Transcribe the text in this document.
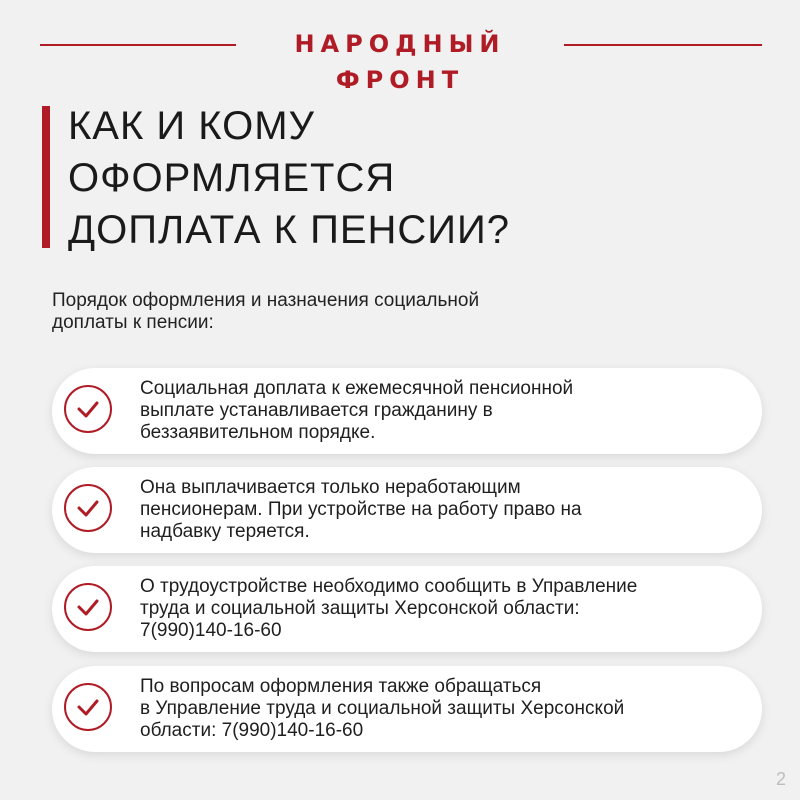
НАРОДНЫЙ ФРОНТ
КАК И КОМУ
ОФОРМЛЯЕТСЯ
ДОПЛАТА К ПЕНСИИ?
Порядок оформления и назначения социальной
доплаты к пенсии:
Социальная доплата к ежемесячной пенсионной
выплате устанавливается гражданину в
беззаявительном порядке.
Она выплачивается только неработающим
пенсионерам. При устройстве на работу право на
надбавку теряется.
О трудоустройстве необходимо сообщить в Управление
труда и социальной защиты Херсонской области:
7(990)140-16-60
По вопросам оформления также обращаться
в Управление труда и социальной защиты Херсонской
области: 7(990)140-16-60
2
